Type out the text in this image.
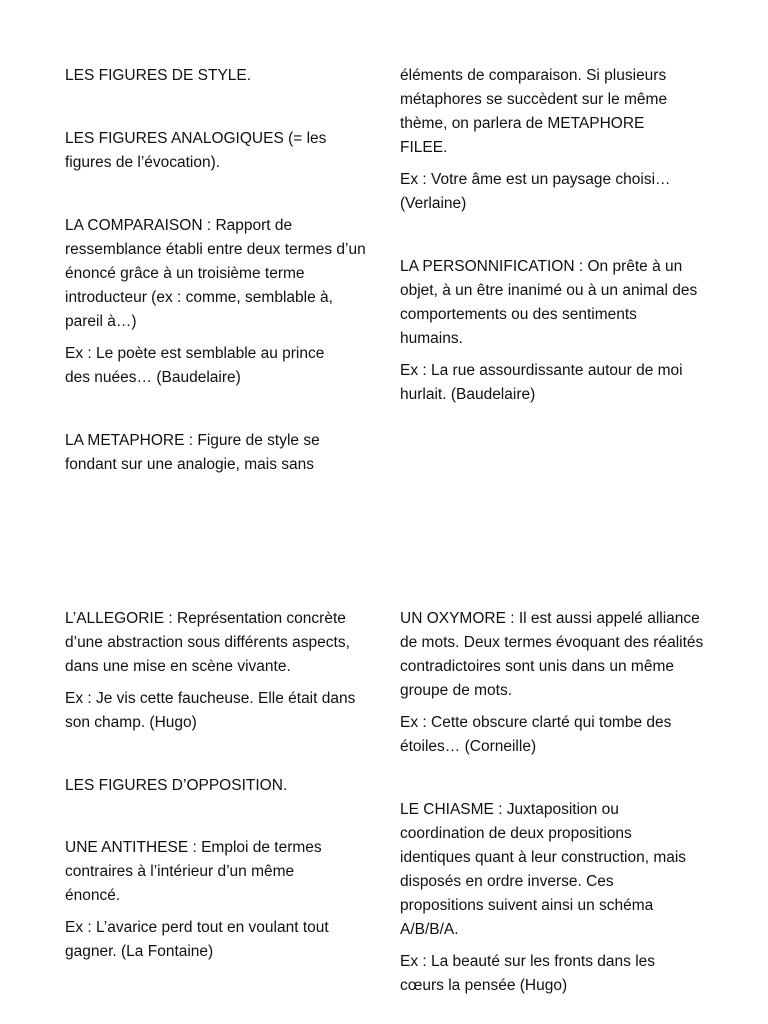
LES FIGURES DE STYLE.

LES FIGURES ANALOGIQUES (= les figures de l’évocation).

LA COMPARAISON : Rapport de ressemblance établi entre deux termes d’un énoncé grâce à un troisième terme introducteur (ex : comme, semblable à, pareil à…)

Ex : Le poète est semblable au prince des nuées… (Baudelaire)

LA METAPHORE : Figure de style se fondant sur une analogie, mais sans

éléments de comparaison. Si plusieurs métaphores se succèdent sur le même thème, on parlera de METAPHORE FILEE.

Ex : Votre âme est un paysage choisi… (Verlaine)

LA PERSONNIFICATION : On prête à un objet, à un être inanimé ou à un animal des comportements ou des sentiments humains.

Ex : La rue assourdissante autour de moi hurlait. (Baudelaire)

L’ALLEGORIE : Représentation concrète d’une abstraction sous différents aspects, dans une mise en scène vivante.

Ex : Je vis cette faucheuse. Elle était dans son champ. (Hugo)

LES FIGURES D’OPPOSITION.

UNE ANTITHESE : Emploi de termes contraires à l’intérieur d’un même énoncé.

Ex : L’avarice perd tout en voulant tout gagner. (La Fontaine)

UN OXYMORE : Il est aussi appelé alliance de mots. Deux termes évoquant des réalités contradictoires sont unis dans un même groupe de mots.

Ex : Cette obscure clarté qui tombe des étoiles… (Corneille)

LE CHIASME : Juxtaposition ou coordination de deux propositions identiques quant à leur construction, mais disposés en ordre inverse. Ces propositions suivent ainsi un schéma A/B/B/A.

Ex : La beauté sur les fronts dans les cœurs la pensée (Hugo)
